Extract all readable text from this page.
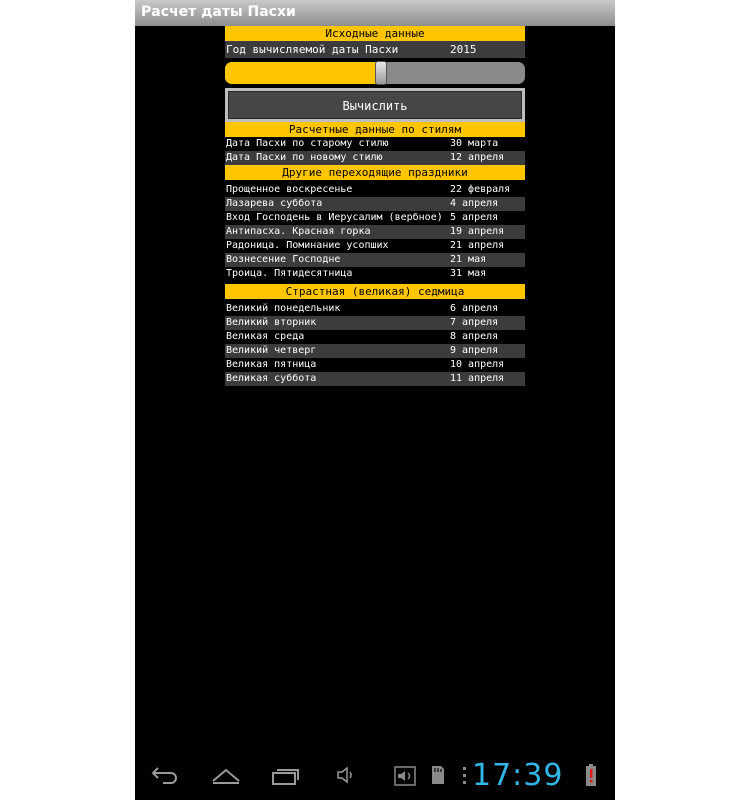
Расчет даты Пасхи
Исходные данные
Год вычисляемой даты Пасхи	2015
Вычислить
Расчетные данные по стилям
Дата Пасхи по старому стилю	30 марта
Дата Пасхи по новому стилю	12 апреля
Другие переходящие праздники
Прощенное воскресенье	22 февраля
Лазарева суббота	4 апреля
Вход Господень в Иерусалим (вербное) 5 апреля
Антипасха. Красная горка	19 апреля
Радоница. Поминание усопших	21 апреля
Вознесение Господне	21 мая
Троица. Пятидесятница	31 мая
Страстная (великая) седмица
Великий понедельник	6 апреля
Великий вторник	7 апреля
Великая среда	8 апреля
Великий четверг	9 апреля
Великая пятница	10 апреля
Великая суббота	11 апреля
17:39
